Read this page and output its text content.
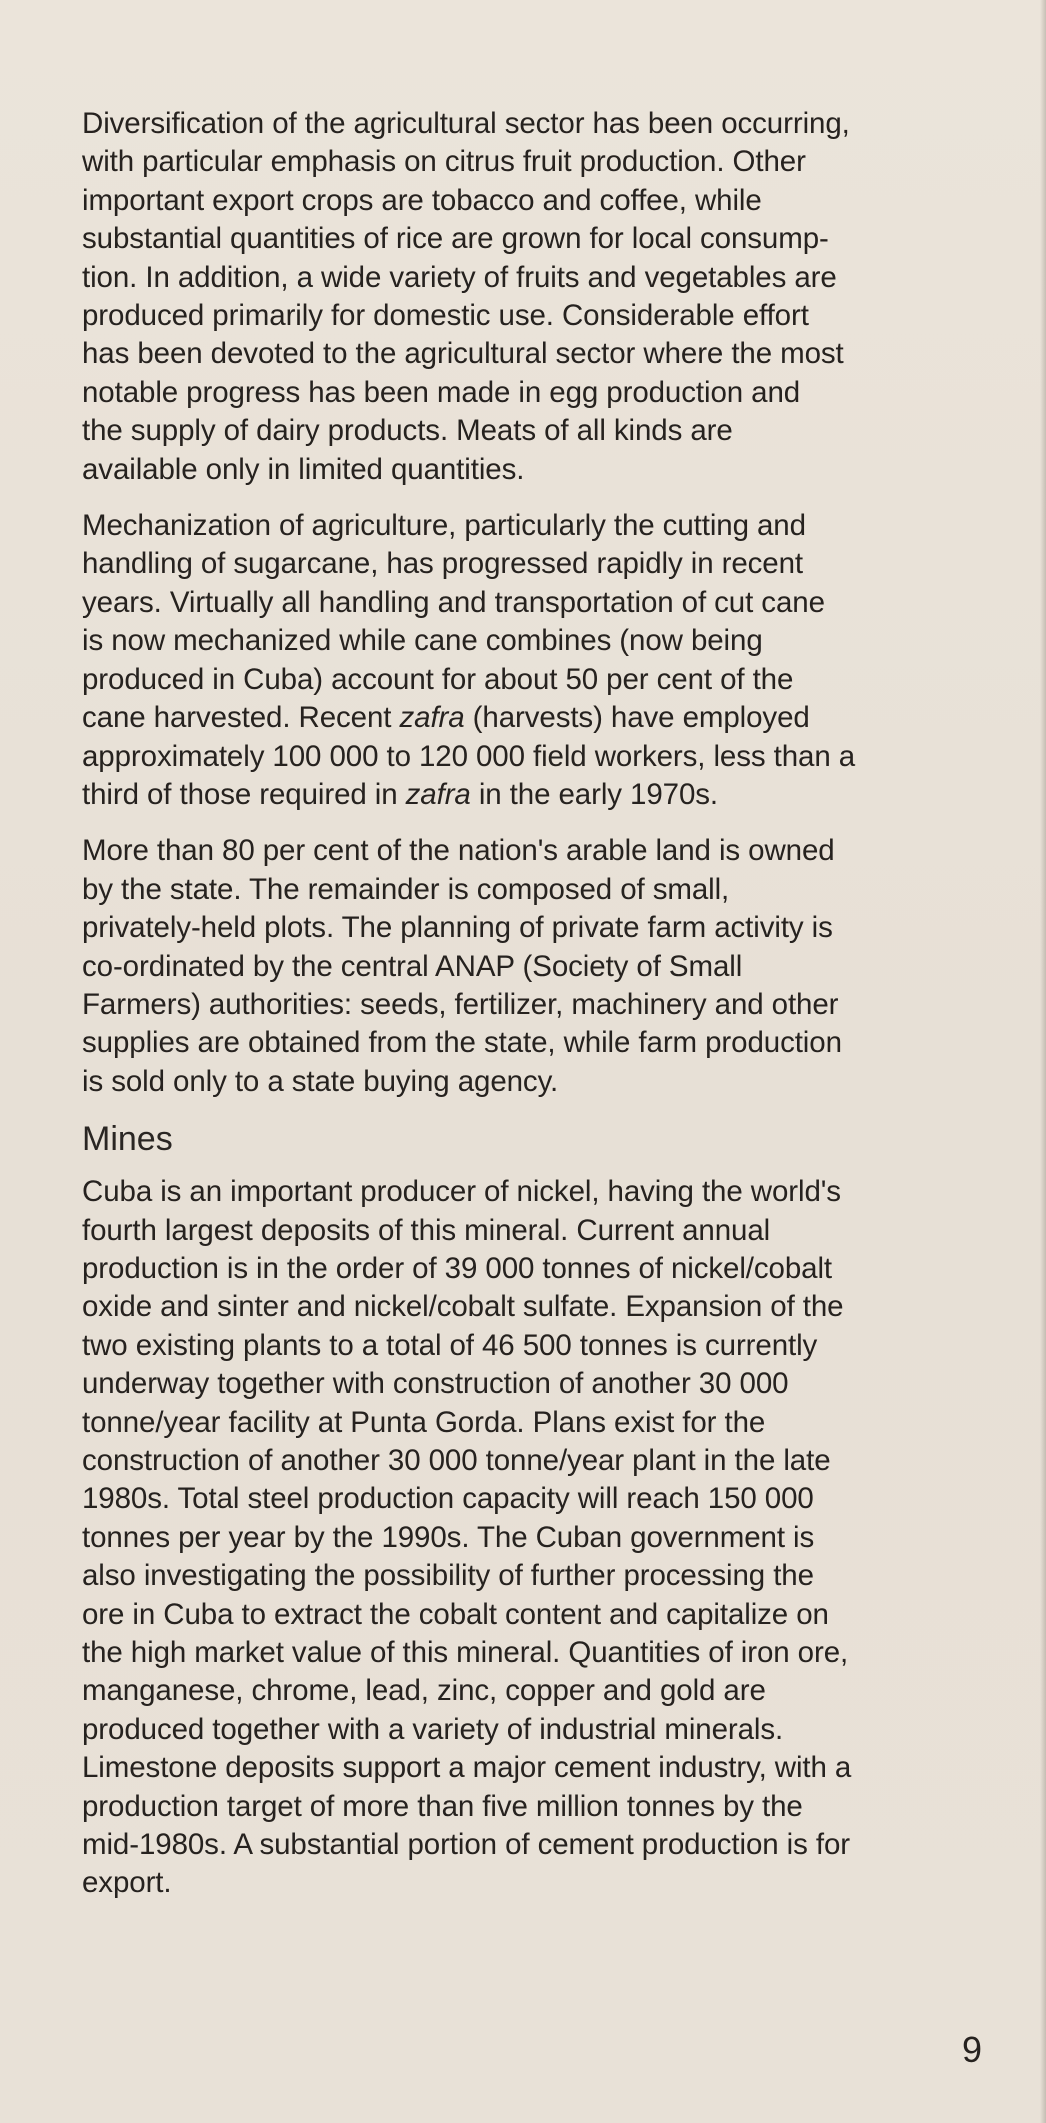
Diversification of the agricultural sector has been occurring,
with particular emphasis on citrus fruit production. Other
important export crops are tobacco and coffee, while
substantial quantities of rice are grown for local consump-
tion. In addition, a wide variety of fruits and vegetables are
produced primarily for domestic use. Considerable effort
has been devoted to the agricultural sector where the most
notable progress has been made in egg production and
the supply of dairy products. Meats of all kinds are
available only in limited quantities.

Mechanization of agriculture, particularly the cutting and
handling of sugarcane, has progressed rapidly in recent
years. Virtually all handling and transportation of cut cane
is now mechanized while cane combines (now being
produced in Cuba) account for about 50 per cent of the
cane harvested. Recent zafra (harvests) have employed
approximately 100 000 to 120 000 field workers, less than a
third of those required in zafra in the early 1970s.

More than 80 per cent of the nation's arable land is owned
by the state. The remainder is composed of small,
privately-held plots. The planning of private farm activity is
co-ordinated by the central ANAP (Society of Small
Farmers) authorities: seeds, fertilizer, machinery and other
supplies are obtained from the state, while farm production
is sold only to a state buying agency.

Mines

Cuba is an important producer of nickel, having the world's
fourth largest deposits of this mineral. Current annual
production is in the order of 39 000 tonnes of nickel/cobalt
oxide and sinter and nickel/cobalt sulfate. Expansion of the
two existing plants to a total of 46 500 tonnes is currently
underway together with construction of another 30 000
tonne/year facility at Punta Gorda. Plans exist for the
construction of another 30 000 tonne/year plant in the late
1980s. Total steel production capacity will reach 150 000
tonnes per year by the 1990s. The Cuban government is
also investigating the possibility of further processing the
ore in Cuba to extract the cobalt content and capitalize on
the high market value of this mineral. Quantities of iron ore,
manganese, chrome, lead, zinc, copper and gold are
produced together with a variety of industrial minerals.
Limestone deposits support a major cement industry, with a
production target of more than five million tonnes by the
mid-1980s. A substantial portion of cement production is for
export.

9
